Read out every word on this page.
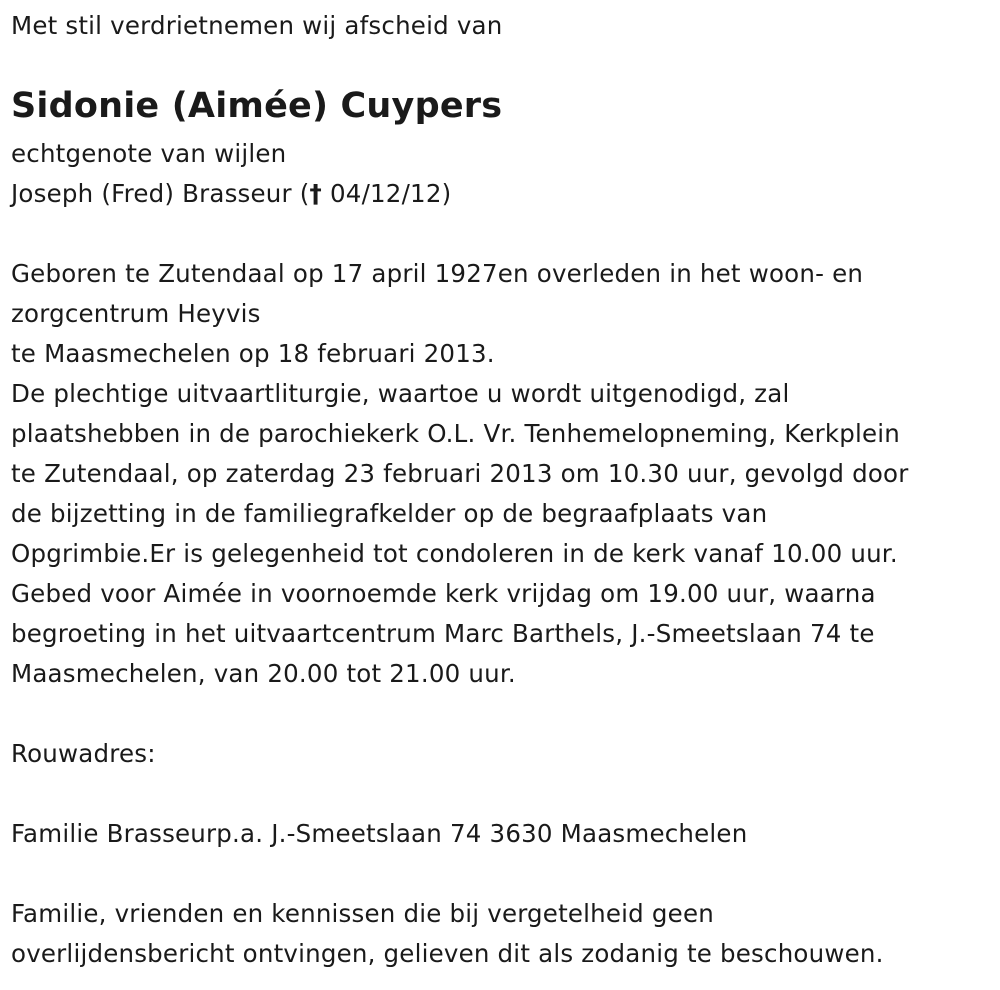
Met stil verdrietnemen wij afscheid van
Sidonie (Aimée) Cuypers
echtgenote van wijlen
Joseph (Fred) Brasseur († 04/12/12)
Geboren te Zutendaal op 17 april 1927en overleden in het woon- en
zorgcentrum Heyvis
te Maasmechelen op 18 februari 2013.
De plechtige uitvaartliturgie, waartoe u wordt uitgenodigd, zal
plaatshebben in de parochiekerk O.L. Vr. Tenhemelopneming, Kerkplein
te Zutendaal, op zaterdag 23 februari 2013 om 10.30 uur, gevolgd door
de bijzetting in de familiegrafkelder op de begraafplaats van
Opgrimbie.Er is gelegenheid tot condoleren in de kerk vanaf 10.00 uur.
Gebed voor Aimée in voornoemde kerk vrijdag om 19.00 uur, waarna
begroeting in het uitvaartcentrum Marc Barthels, J.-Smeetslaan 74 te
Maasmechelen, van 20.00 tot 21.00 uur.
Rouwadres:
Familie Brasseurp.a. J.-Smeetslaan 74 3630 Maasmechelen
Familie, vrienden en kennissen die bij vergetelheid geen
overlijdensbericht ontvingen, gelieven dit als zodanig te beschouwen.
